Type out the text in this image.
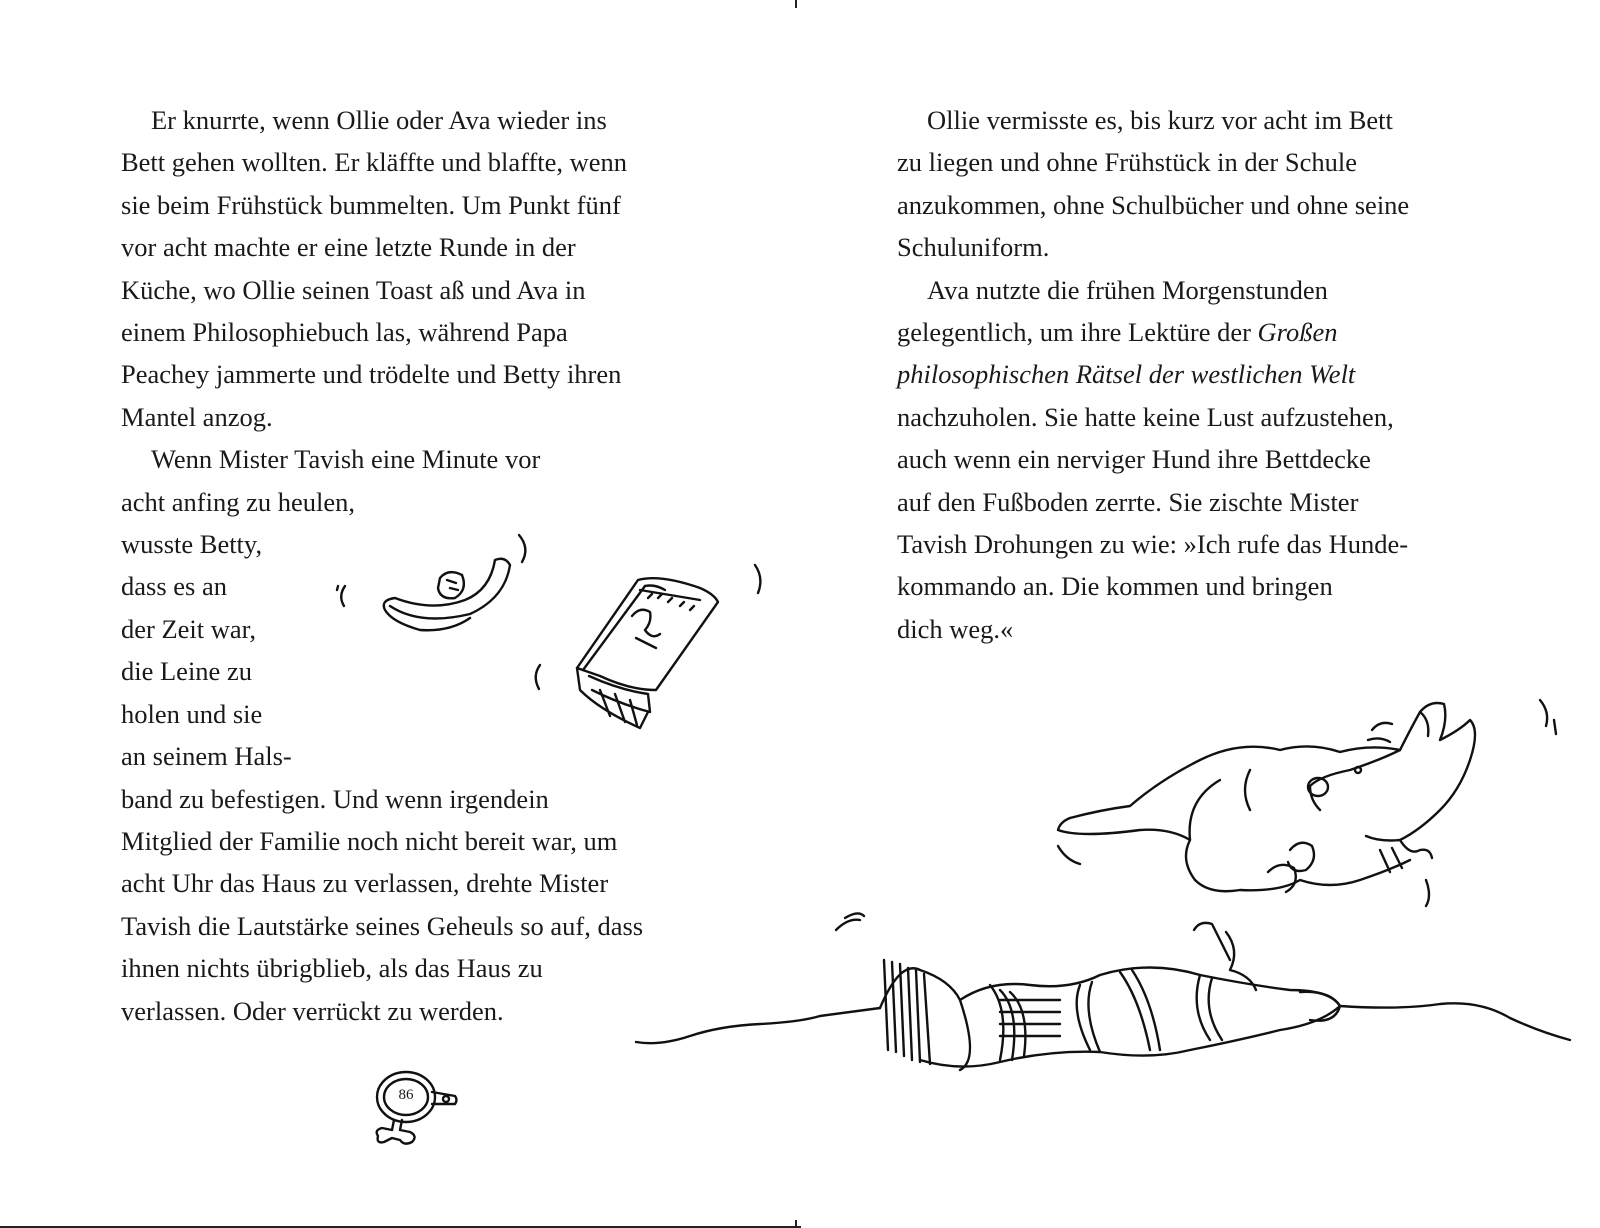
Er knurrte, wenn Ollie oder Ava wieder ins
Bett gehen wollten. Er kläffte und blaffte, wenn
sie beim Frühstück bummelten. Um Punkt fünf
vor acht machte er eine letzte Runde in der
Küche, wo Ollie seinen Toast aß und Ava in
einem Philosophiebuch las, während Papa
Peachey jammerte und trödelte und Betty ihren
Mantel anzog.
Wenn Mister Tavish eine Minute vor
acht anfing zu heulen,
wusste Betty,
dass es an
der Zeit war,
die Leine zu
holen und sie
an seinem Hals-
band zu befestigen. Und wenn irgendein
Mitglied der Familie noch nicht bereit war, um
acht Uhr das Haus zu verlassen, drehte Mister
Tavish die Lautstärke seines Geheuls so auf, dass
ihnen nichts übrigblieb, als das Haus zu
verlassen. Oder verrückt zu werden.
86
Ollie vermisste es, bis kurz vor acht im Bett
zu liegen und ohne Frühstück in der Schule
anzukommen, ohne Schulbücher und ohne seine
Schuluniform.
Ava nutzte die frühen Morgenstunden
gelegentlich, um ihre Lektüre der Großen
philosophischen Rätsel der westlichen Welt
nachzuholen. Sie hatte keine Lust aufzustehen,
auch wenn ein nerviger Hund ihre Bettdecke
auf den Fußboden zerrte. Sie zischte Mister
Tavish Drohungen zu wie: »Ich rufe das Hunde-
kommando an. Die kommen und bringen
dich weg.«
